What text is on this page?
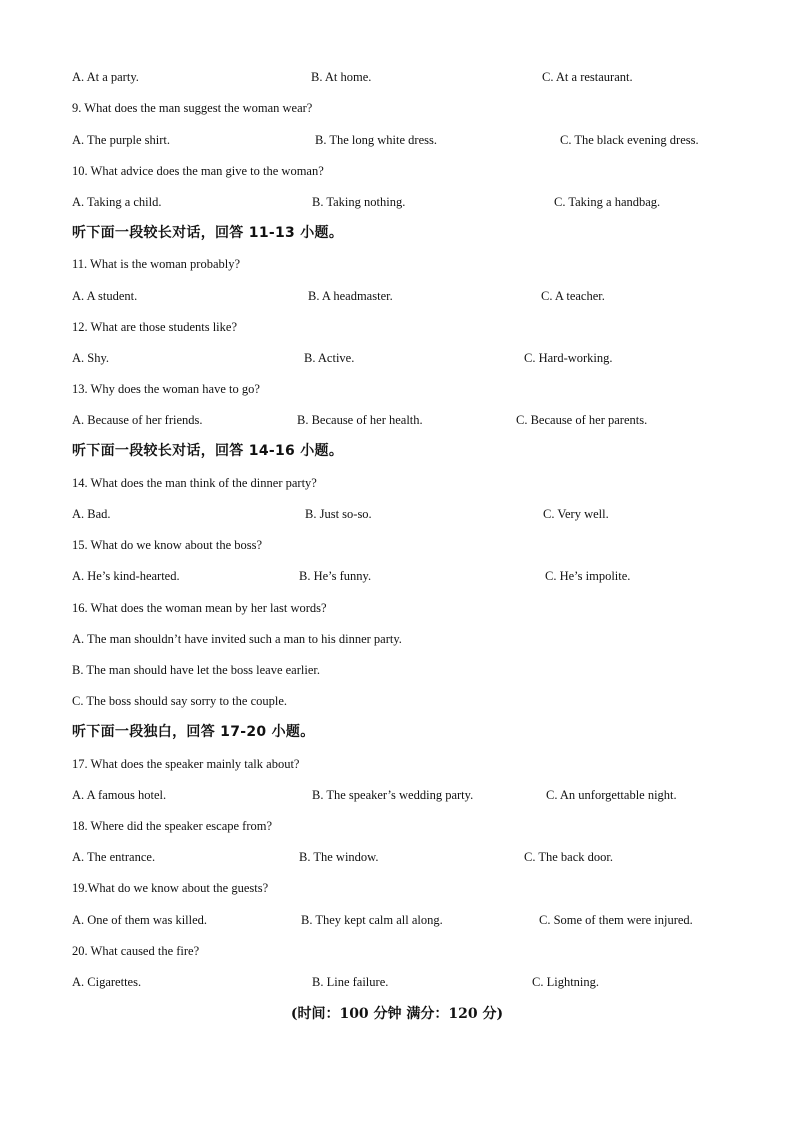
A. At a party.	B. At home.	C. At a restaurant.
9. What does the man suggest the woman wear?
A. The purple shirt.	B. The long white dress.	C. The black evening dress.
10. What advice does the man give to the woman?
A. Taking a child.	B. Taking nothing.	C. Taking a handbag.
听下面一段较长对话，回答 11-13 小题。
11. What is the woman probably?
A. A student.	B. A headmaster.	C. A teacher.
12. What are those students like?
A. Shy.	B. Active.	C. Hard-working.
13. Why does the woman have to go?
A. Because of her friends.	B. Because of her health.	C. Because of her parents.
听下面一段较长对话，回答 14-16 小题。
14. What does the man think of the dinner party?
A. Bad.	B. Just so-so.	C. Very well.
15. What do we know about the boss?
A. He’s kind-hearted.	B. He’s funny.	C. He’s impolite.
16. What does the woman mean by her last words?
A. The man shouldn’t have invited such a man to his dinner party.
B. The man should have let the boss leave earlier.
C. The boss should say sorry to the couple.
听下面一段独白，回答 17-20 小题。
17. What does the speaker mainly talk about?
A. A famous hotel.	B. The speaker’s wedding party.	C. An unforgettable night.
18. Where did the speaker escape from?
A. The entrance.	B. The window.	C. The back door.
19.What do we know about the guests?
A. One of them was killed.	B. They kept calm all along.	C. Some of them were injured.
20. What caused the fire?
A. Cigarettes.	B. Line failure.	C. Lightning.
(时间：100 分钟 满分：120 分)
